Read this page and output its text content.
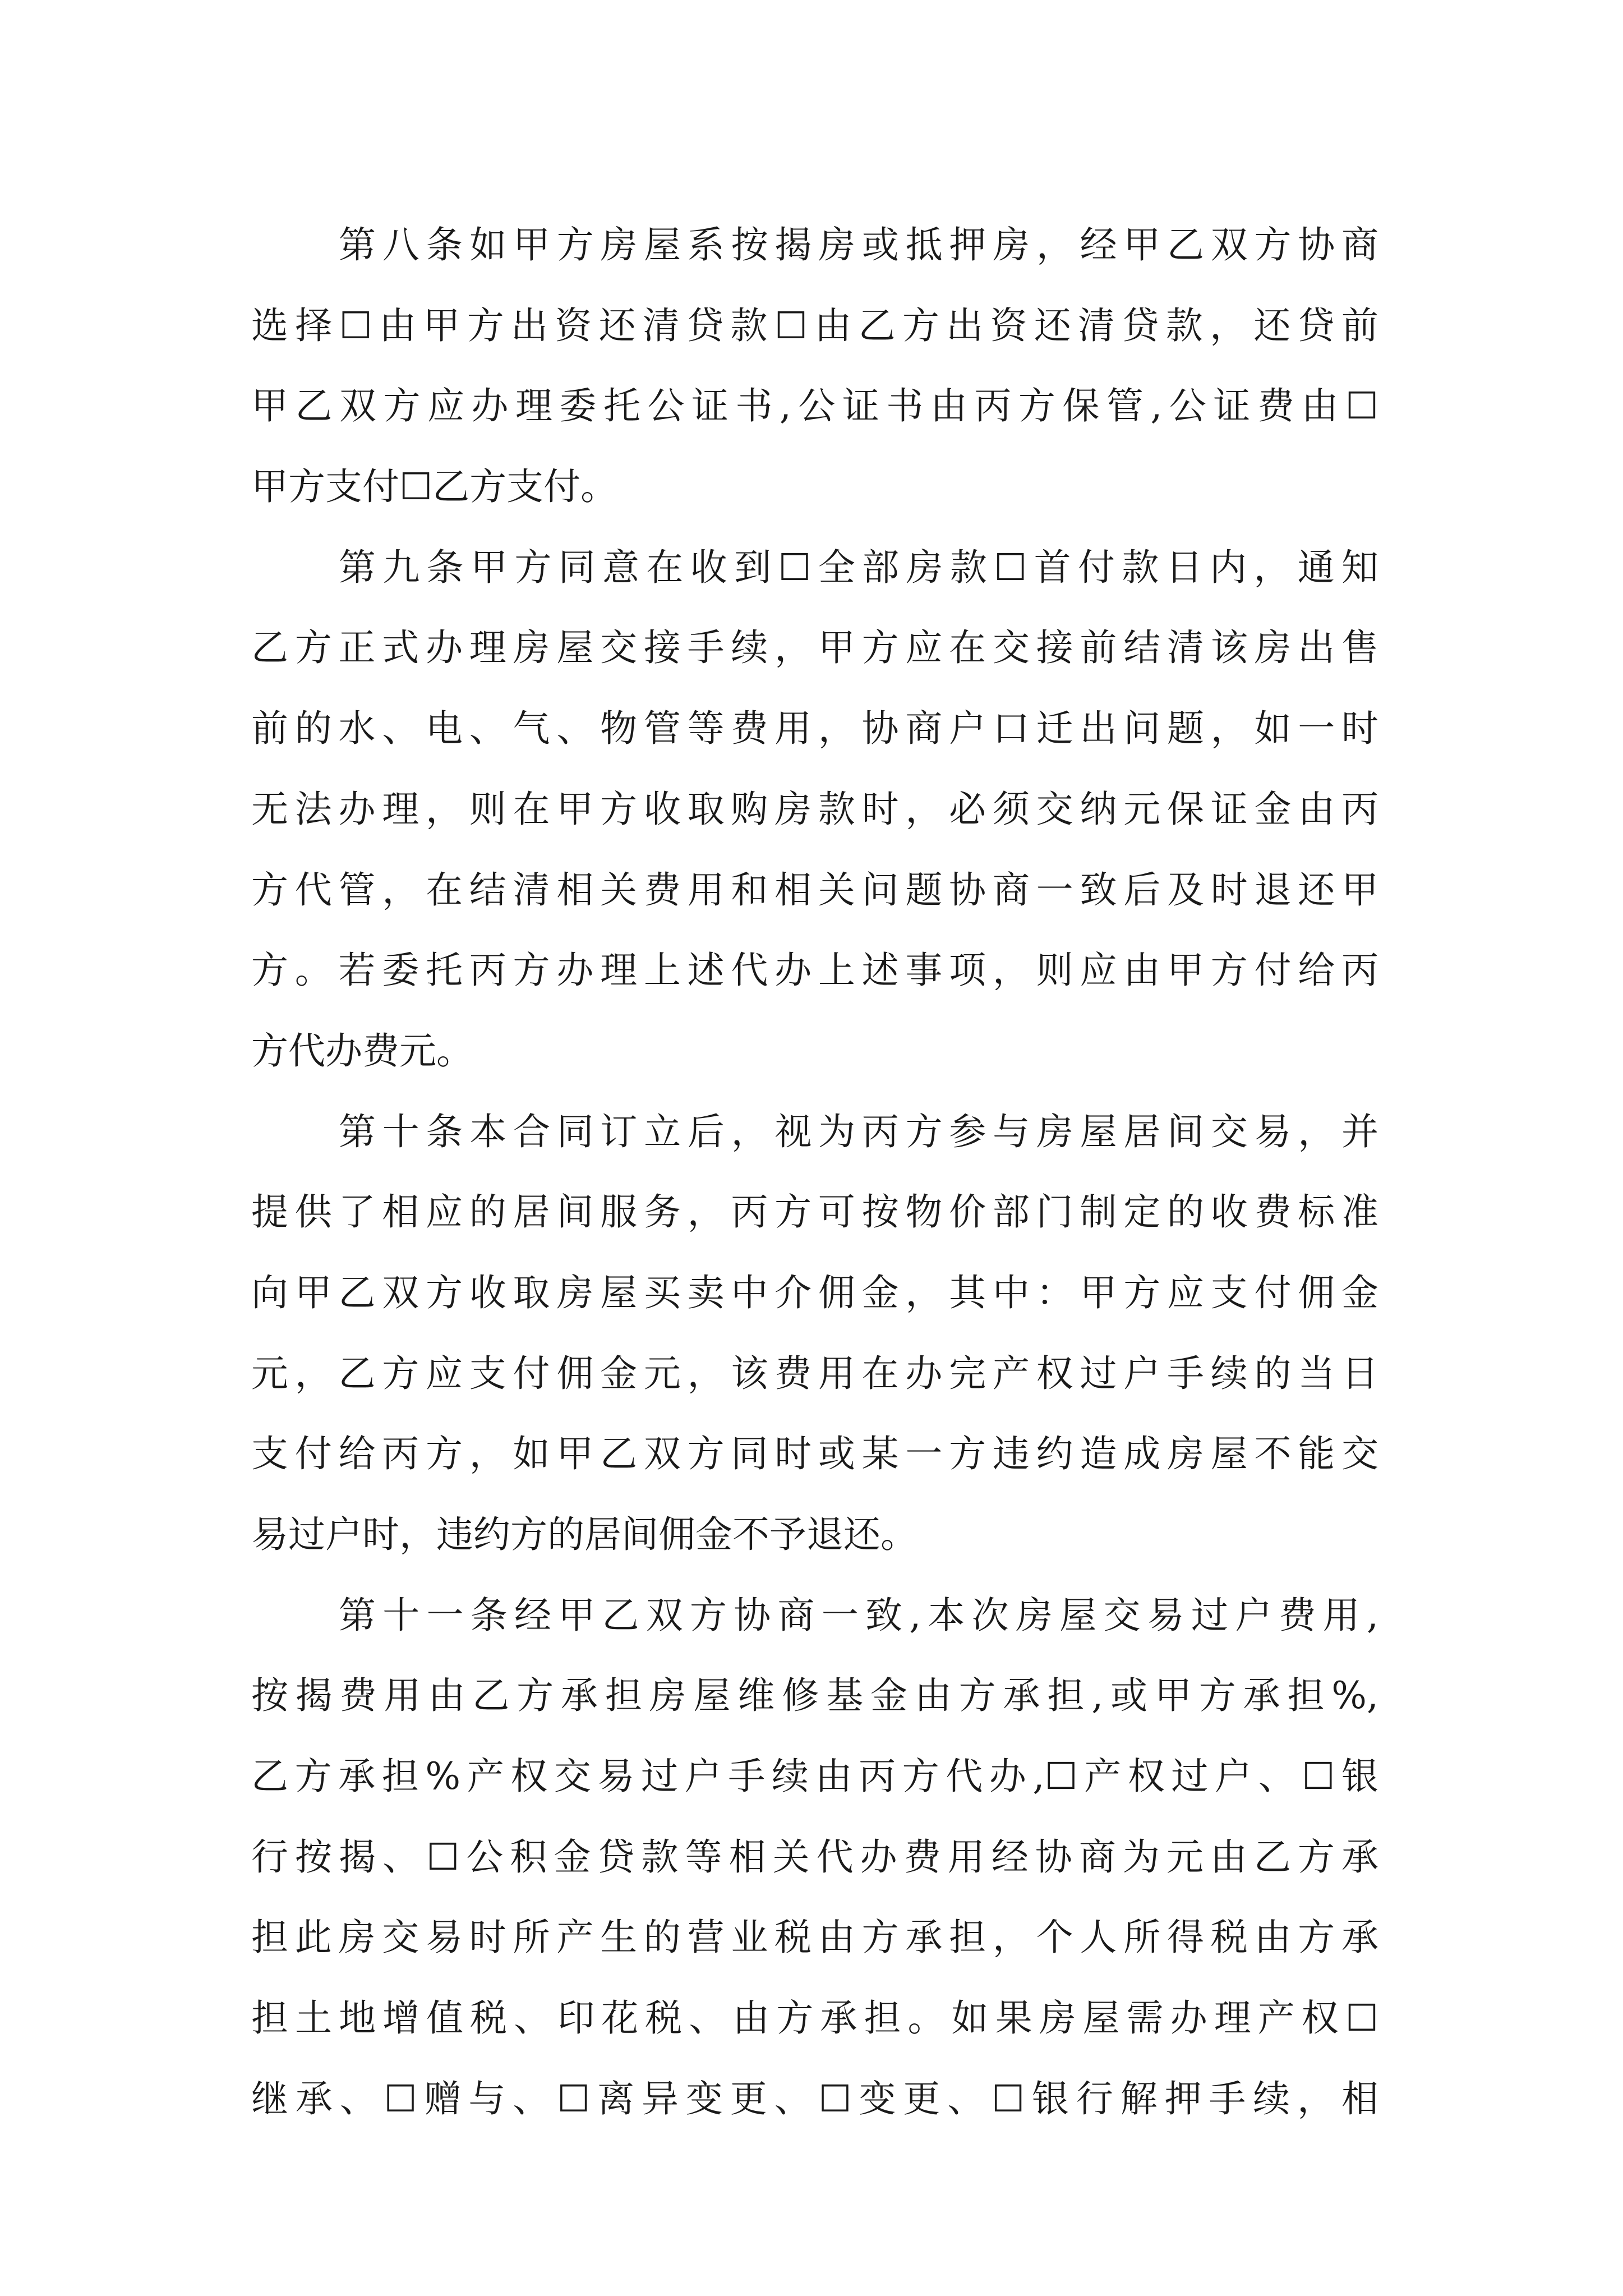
第八条如甲方房屋系按揭房或抵押房，经甲乙双方协商
选择☐由甲方出资还清贷款☐由乙方出资还清贷款，还贷前
甲乙双方应办理委托公证书,公证书由丙方保管,公证费由☐
甲方支付☐乙方支付。
第九条甲方同意在收到☐全部房款☐首付款日内，通知
乙方正式办理房屋交接手续，甲方应在交接前结清该房出售
前的水、电、气、物管等费用，协商户口迁出问题，如一时
无法办理，则在甲方收取购房款时，必须交纳元保证金由丙
方代管，在结清相关费用和相关问题协商一致后及时退还甲
方。若委托丙方办理上述代办上述事项，则应由甲方付给丙
方代办费元。
第十条本合同订立后，视为丙方参与房屋居间交易，并
提供了相应的居间服务，丙方可按物价部门制定的收费标准
向甲乙双方收取房屋买卖中介佣金，其中：甲方应支付佣金
元，乙方应支付佣金元，该费用在办完产权过户手续的当日
支付给丙方，如甲乙双方同时或某一方违约造成房屋不能交
易过户时，违约方的居间佣金不予退还。
第十一条经甲乙双方协商一致,本次房屋交易过户费用,
按揭费用由乙方承担房屋维修基金由方承担,或甲方承担%,
乙方承担%产权交易过户手续由丙方代办,☐产权过户、☐银
行按揭、☐公积金贷款等相关代办费用经协商为元由乙方承
担此房交易时所产生的营业税由方承担，个人所得税由方承
担土地增值税、印花税、由方承担。如果房屋需办理产权☐
继承、☐赠与、☐离异变更、☐变更、☐银行解押手续，相
